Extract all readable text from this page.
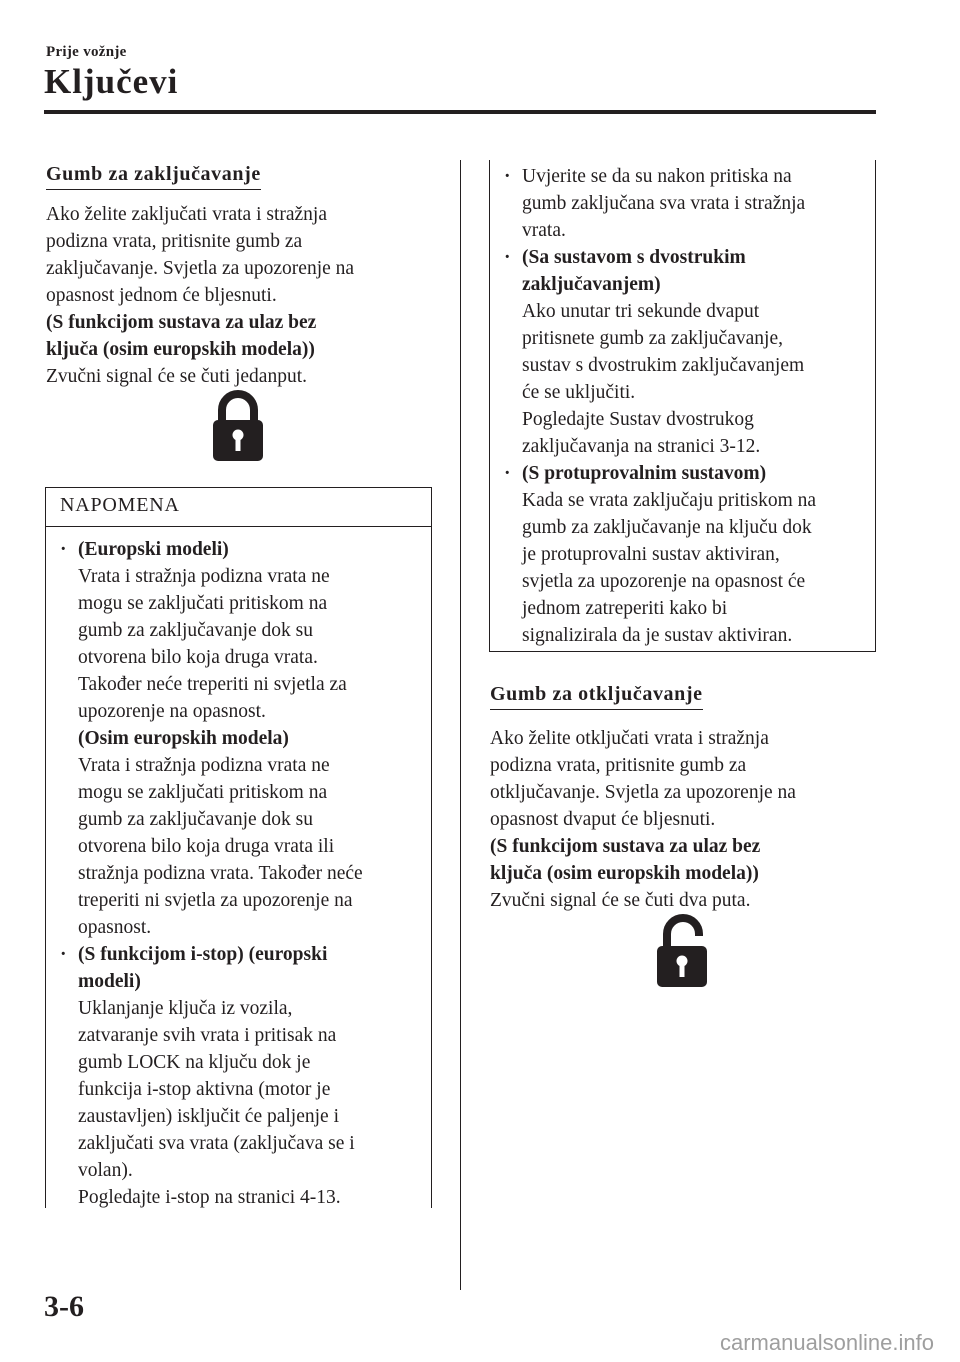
Prije vožnje
Ključevi
Gumb za zaključavanje

Ako želite zaključati vrata i stražnja

podizna vrata, pritisnite gumb za

zaključavanje. Svjetla za upozorenje na

opasnost jednom će bljesnuti.

(S funkcijom sustava za ulaz bez

ključa (osim europskih modela))

Zvučni signal će se čuti jedanput.

NAPOMENA

· (Europski modeli)

Vrata i stražnja podizna vrata ne

mogu se zaključati pritiskom na

gumb za zaključavanje dok su

otvorena bilo koja druga vrata.

Također neće treperiti ni svjetla za

upozorenje na opasnost.

(Osim europskih modela)

Vrata i stražnja podizna vrata ne

mogu se zaključati pritiskom na

gumb za zaključavanje dok su

otvorena bilo koja druga vrata ili

stražnja podizna vrata. Također neće

treperiti ni svjetla za upozorenje na

opasnost.

· (S funkcijom i-stop) (europski

modeli)

Uklanjanje ključa iz vozila,

zatvaranje svih vrata i pritisak na

gumb LOCK na ključu dok je

funkcija i-stop aktivna (motor je

zaustavljen) isključit će paljenje i

zaključati sva vrata (zaključava se i

volan).

Pogledajte i-stop na stranici 4-13.

· Uvjerite se da su nakon pritiska na

gumb zaključana sva vrata i stražnja

vrata.

· (Sa sustavom s dvostrukim

zaključavanjem)

Ako unutar tri sekunde dvaput

pritisnete gumb za zaključavanje,

sustav s dvostrukim zaključavanjem

će se uključiti.

Pogledajte Sustav dvostrukog

zaključavanja na stranici 3-12.

· (S protuprovalnim sustavom)

Kada se vrata zaključaju pritiskom na

gumb za zaključavanje na ključu dok

je protuprovalni sustav aktiviran,

svjetla za upozorenje na opasnost će

jednom zatreperiti kako bi

signalizirala da je sustav aktiviran.

Gumb za otključavanje

Ako želite otključati vrata i stražnja

podizna vrata, pritisnite gumb za

otključavanje. Svjetla za upozorenje na

opasnost dvaput će bljesnuti.

(S funkcijom sustava za ulaz bez

ključa (osim europskih modela))

Zvučni signal će se čuti dva puta.

3-6
carmanualsonline.info
